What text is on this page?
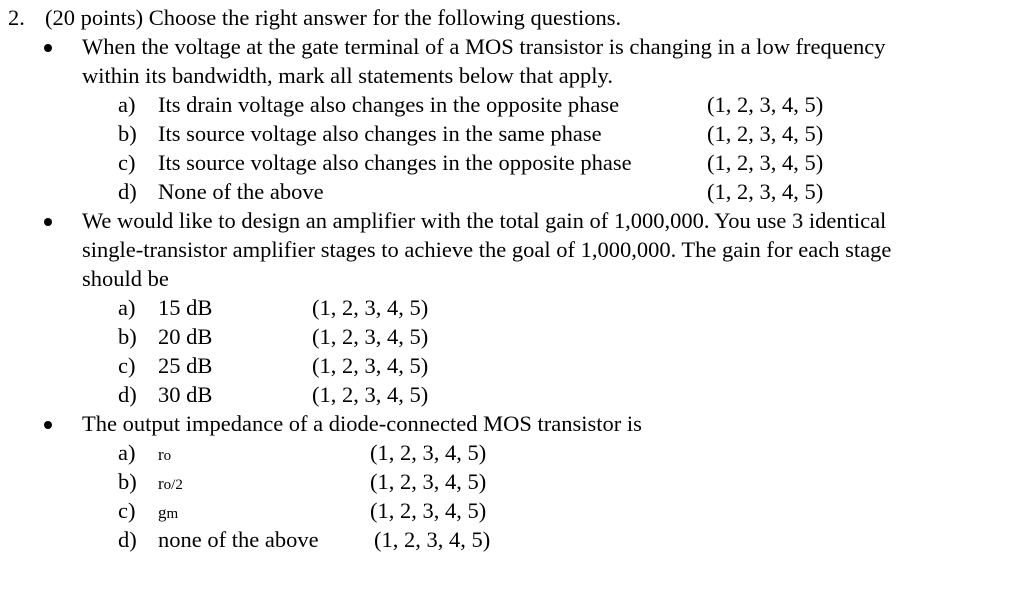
2. (20 points) Choose the right answer for the following questions.
When the voltage at the gate terminal of a MOS transistor is changing in a low frequency
within its bandwidth, mark all statements below that apply.
a) Its drain voltage also changes in the opposite phase	(1, 2, 3, 4, 5)
b) Its source voltage also changes in the same phase	(1, 2, 3, 4, 5)
c) Its source voltage also changes in the opposite phase	(1, 2, 3, 4, 5)
d) None of the above	(1, 2, 3, 4, 5)
We would like to design an amplifier with the total gain of 1,000,000. You use 3 identical
single-transistor amplifier stages to achieve the goal of 1,000,000. The gain for each stage
should be
a) 15 dB	(1, 2, 3, 4, 5)
b) 20 dB	(1, 2, 3, 4, 5)
c) 25 dB	(1, 2, 3, 4, 5)
d) 30 dB	(1, 2, 3, 4, 5)
The output impedance of a diode-connected MOS transistor is
a) ro	(1, 2, 3, 4, 5)
b) ro/2	(1, 2, 3, 4, 5)
c) gm	(1, 2, 3, 4, 5)
d) none of the above (1, 2, 3, 4, 5)
